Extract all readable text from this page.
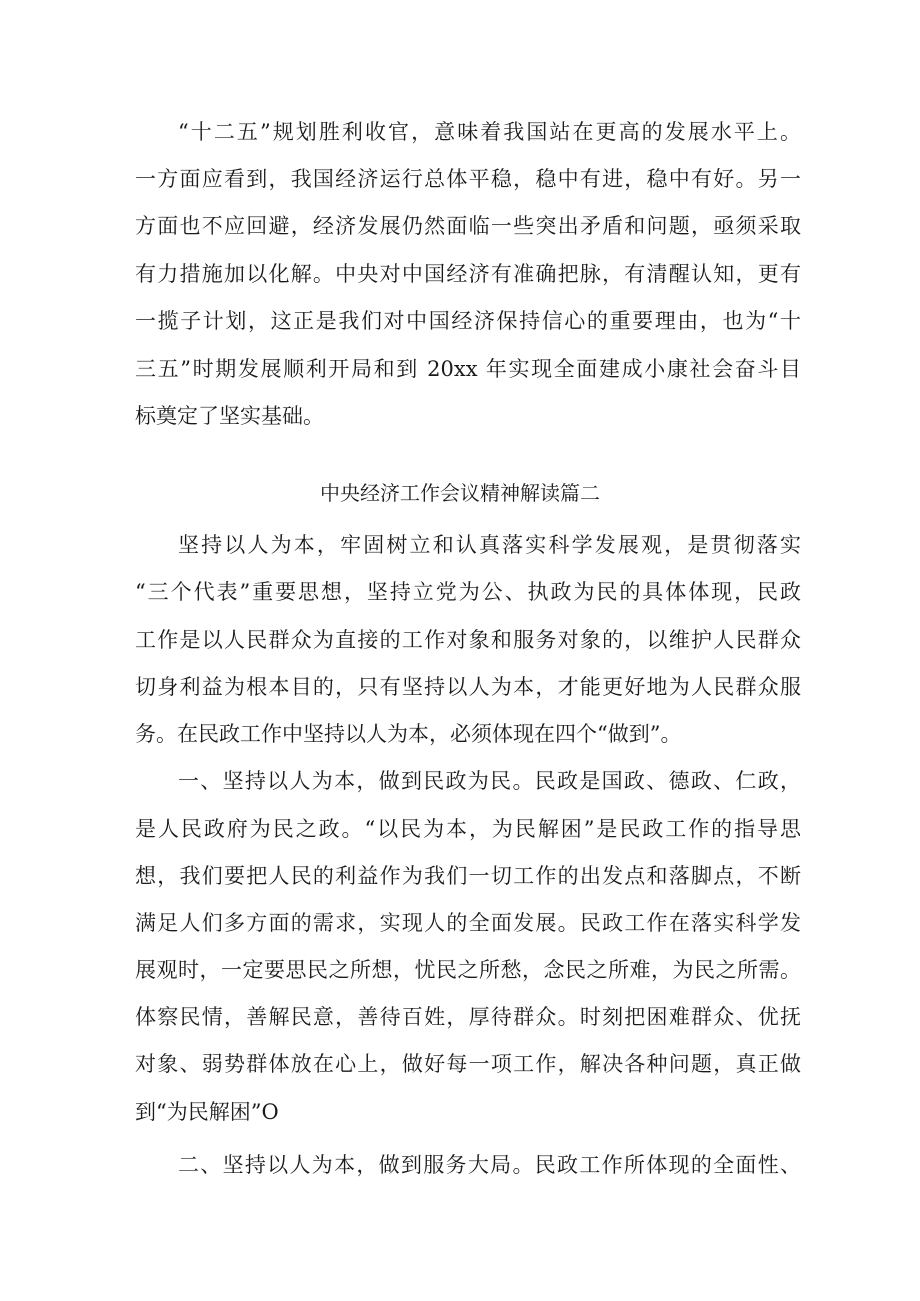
“十二五”规划胜利收官，意味着我国站在更高的发展水平上。
一方面应看到，我国经济运行总体平稳，稳中有进，稳中有好。另一
方面也不应回避，经济发展仍然面临一些突出矛盾和问题，亟须采取
有力措施加以化解。中央对中国经济有准确把脉，有清醒认知，更有
一揽子计划，这正是我们对中国经济保持信心的重要理由，也为“十
三五”时期发展顺利开局和到 20xx 年实现全面建成小康社会奋斗目
标奠定了坚实基础。
中央经济工作会议精神解读篇二
坚持以人为本，牢固树立和认真落实科学发展观，是贯彻落实
“三个代表”重要思想，坚持立党为公、执政为民的具体体现，民政
工作是以人民群众为直接的工作对象和服务对象的，以维护人民群众
切身利益为根本目的，只有坚持以人为本，才能更好地为人民群众服
务。在民政工作中坚持以人为本，必须体现在四个“做到”。
一、坚持以人为本，做到民政为民。民政是国政、德政、仁政，
是人民政府为民之政。“以民为本，为民解困”是民政工作的指导思
想，我们要把人民的利益作为我们一切工作的出发点和落脚点，不断
满足人们多方面的需求，实现人的全面发展。民政工作在落实科学发
展观时，一定要思民之所想，忧民之所愁，念民之所难，为民之所需。
体察民情，善解民意，善待百姓，厚待群众。时刻把困难群众、优抚
对象、弱势群体放在心上，做好每一项工作，解决各种问题，真正做
到“为民解困”O
二、坚持以人为本，做到服务大局。民政工作所体现的全面性、
